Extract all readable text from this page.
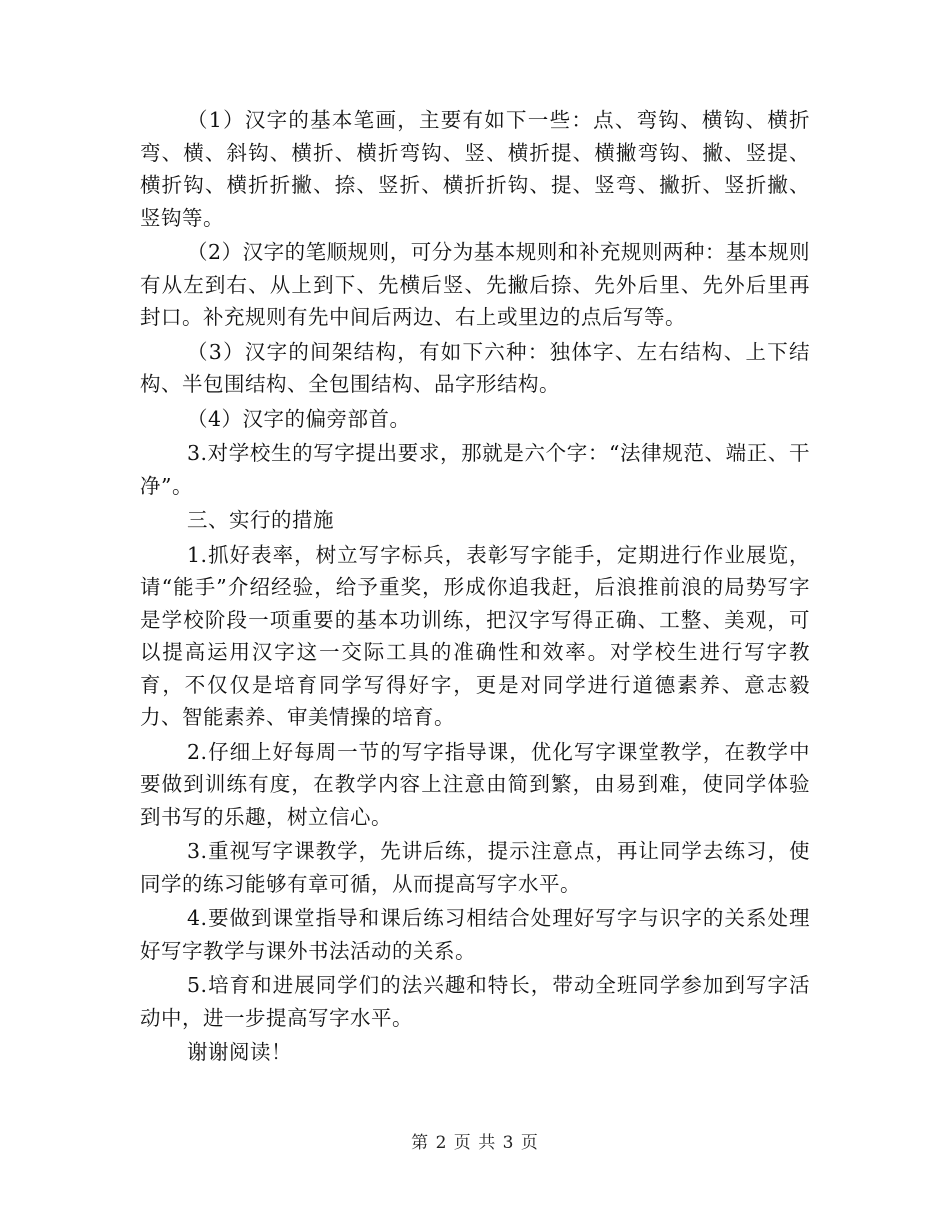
（1）汉字的基本笔画，主要有如下一些：点、弯钩、横钩、横折弯、横、斜钩、横折、横折弯钩、竖、横折提、横撇弯钩、撇、竖提、横折钩、横折折撇、捺、竖折、横折折钩、提、竖弯、撇折、竖折撇、竖钩等。

（2）汉字的笔顺规则，可分为基本规则和补充规则两种：基本规则有从左到右、从上到下、先横后竖、先撇后捺、先外后里、先外后里再封口。补充规则有先中间后两边、右上或里边的点后写等。

（3）汉字的间架结构，有如下六种：独体字、左右结构、上下结构、半包围结构、全包围结构、品字形结构。

（4）汉字的偏旁部首。

3.对学校生的写字提出要求，那就是六个字：“法律规范、端正、干净”。

三、实行的措施

1.抓好表率，树立写字标兵，表彰写字能手，定期进行作业展览，请“能手”介绍经验，给予重奖，形成你追我赶，后浪推前浪的局势写字是学校阶段一项重要的基本功训练，把汉字写得正确、工整、美观，可以提高运用汉字这一交际工具的准确性和效率。对学校生进行写字教育，不仅仅是培育同学写得好字，更是对同学进行道德素养、意志毅力、智能素养、审美情操的培育。

2.仔细上好每周一节的写字指导课，优化写字课堂教学，在教学中要做到训练有度，在教学内容上注意由简到繁，由易到难，使同学体验到书写的乐趣，树立信心。

3.重视写字课教学，先讲后练，提示注意点，再让同学去练习，使同学的练习能够有章可循，从而提高写字水平。

4.要做到课堂指导和课后练习相结合处理好写字与识字的关系处理好写字教学与课外书法活动的关系。

5.培育和进展同学们的法兴趣和特长，带动全班同学参加到写字活动中，进一步提高写字水平。

谢谢阅读！

第 2 页 共 3 页
